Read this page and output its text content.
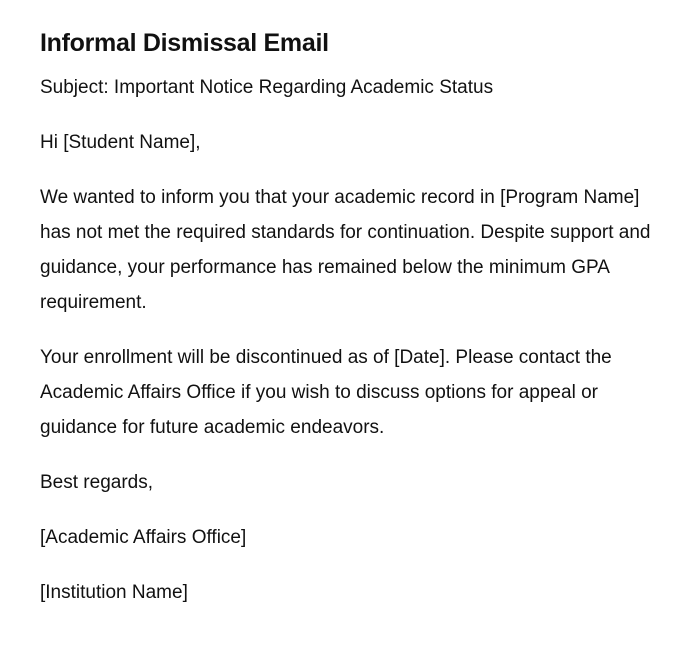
Informal Dismissal Email

Subject: Important Notice Regarding Academic Status

Hi [Student Name],

We wanted to inform you that your academic record in [Program Name] has not met the required standards for continuation. Despite support and guidance, your performance has remained below the minimum GPA requirement.

Your enrollment will be discontinued as of [Date]. Please contact the Academic Affairs Office if you wish to discuss options for appeal or guidance for future academic endeavors.

Best regards,

[Academic Affairs Office]

[Institution Name]
